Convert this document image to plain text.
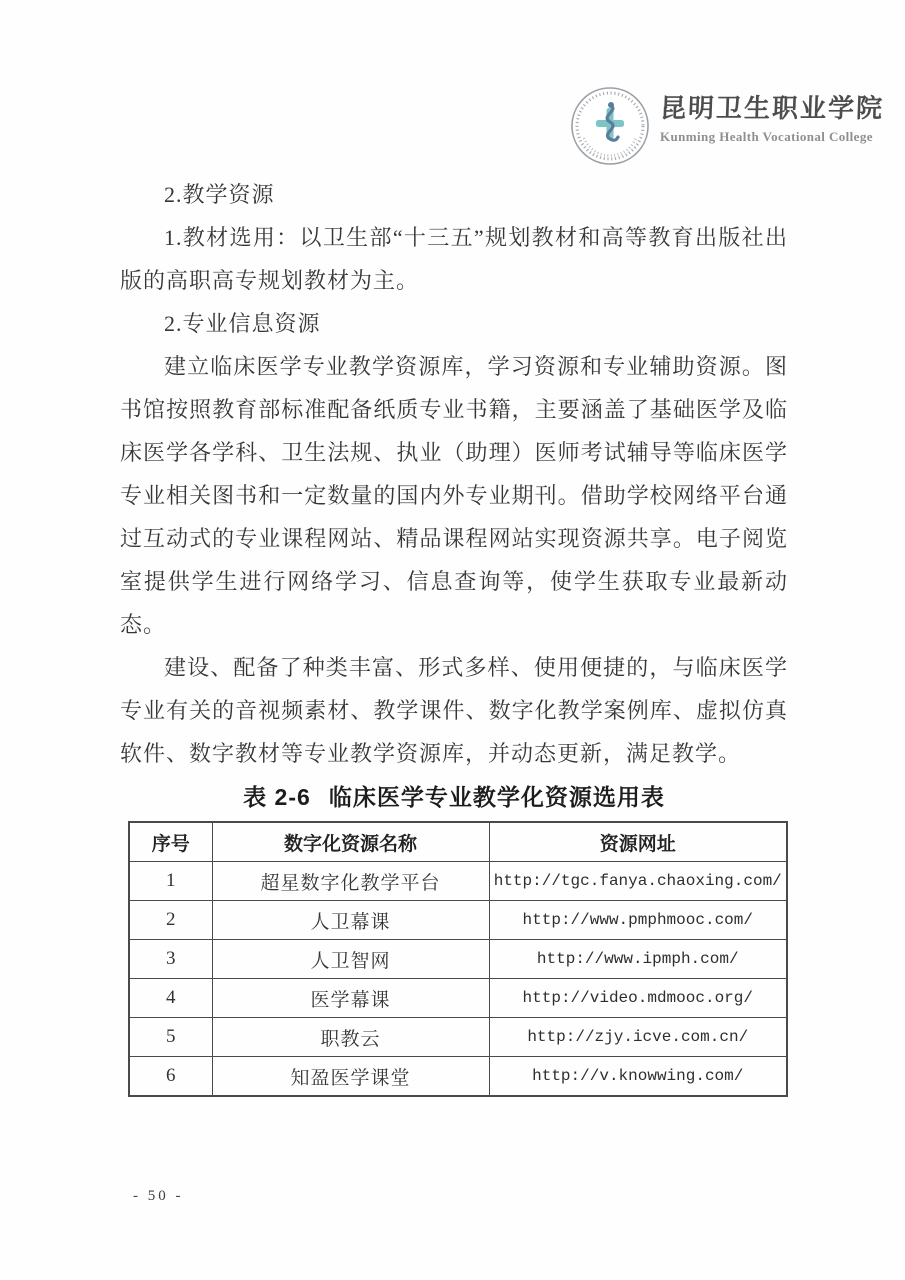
昆明卫生职业学院
Kunming Health Vocational College

2.教学资源

1.教材选用：以卫生部“十三五”规划教材和高等教育出版社出版的高职高专规划教材为主。

2.专业信息资源

建立临床医学专业教学资源库，学习资源和专业辅助资源。图书馆按照教育部标准配备纸质专业书籍，主要涵盖了基础医学及临床医学各学科、卫生法规、执业（助理）医师考试辅导等临床医学专业相关图书和一定数量的国内外专业期刊。借助学校网络平台通过互动式的专业课程网站、精品课程网站实现资源共享。电子阅览室提供学生进行网络学习、信息查询等，使学生获取专业最新动态。

建设、配备了种类丰富、形式多样、使用便捷的，与临床医学专业有关的音视频素材、教学课件、数字化教学案例库、虚拟仿真软件、数字教材等专业教学资源库，并动态更新，满足教学。

表 2-6 临床医学专业教学化资源选用表

序号	数字化资源名称	资源网址
1	超星数字化教学平台	http://tgc.fanya.chaoxing.com/
2	人卫幕课	http://www.pmphmooc.com/
3	人卫智网	http://www.ipmph.com/
4	医学幕课	http://video.mdmooc.org/
5	职教云	http://zjy.icve.com.cn/
6	知盈医学课堂	http://v.knowwing.com/
- 50 -
